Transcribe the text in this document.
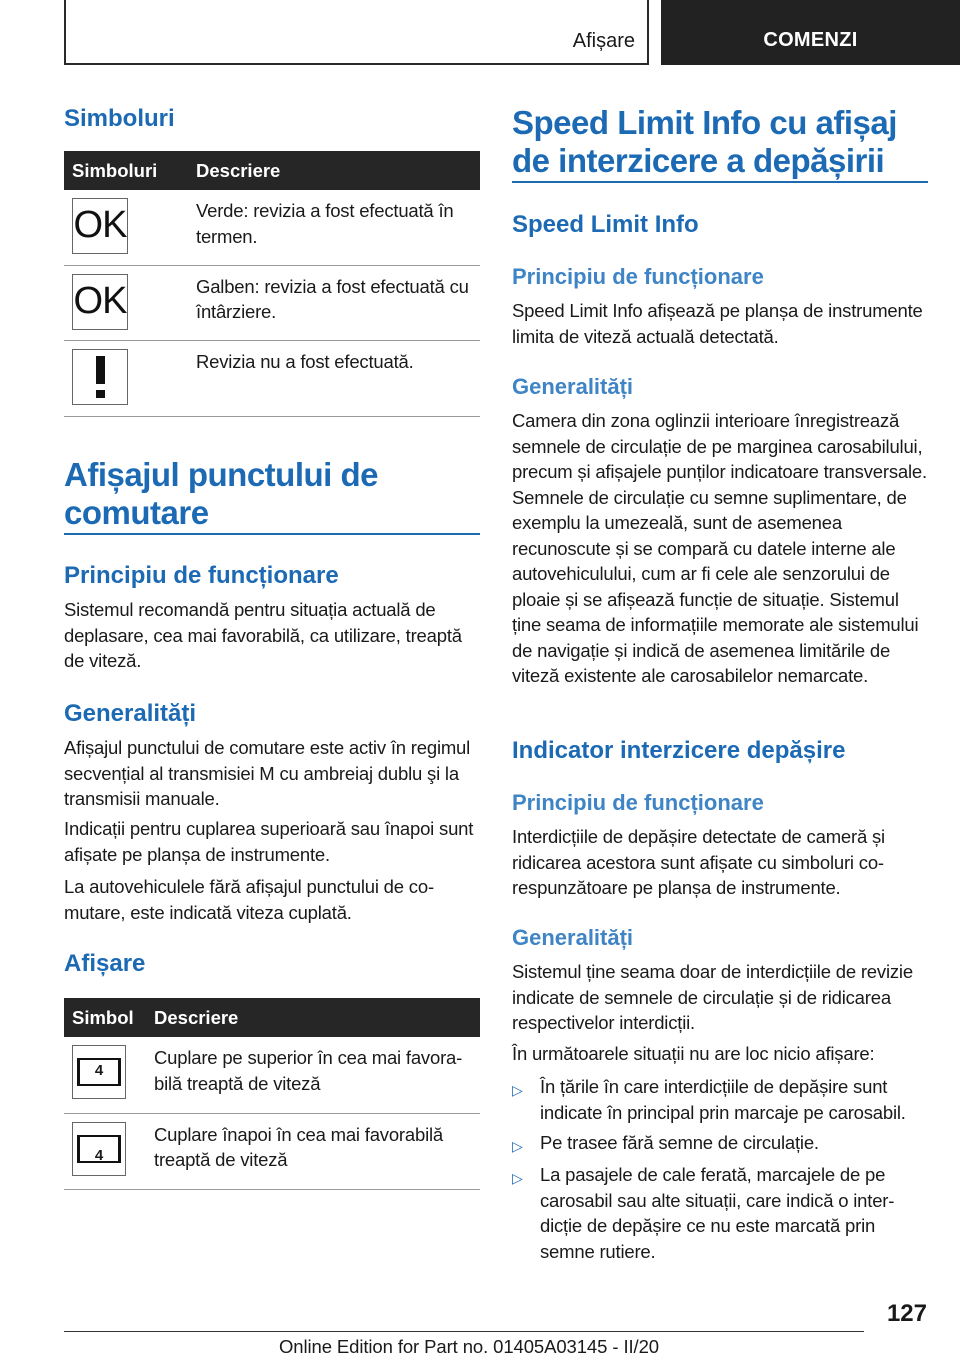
Afișare	COMENZI
Simboluri
Simboluri	Descriere

OK	Verde: revizia a fost efectuată în termen.

OK	Galben: revizia a fost efectuată cu întârziere.

	Revizia nu a fost efectuată.
Afișajul punctului de comutare
Principiu de funcționare
Sistemul recomandă pentru situația actuală de deplasare, cea mai favorabilă, ca utilizare, treaptă de viteză.
Generalități
Afișajul punctului de comutare este activ în regimul secvențial al transmisiei M cu ambreiaj dublu şi la transmisii manuale.
Indicații pentru cuplarea superioară sau înapoi sunt afișate pe planșa de instrumente.
La autovehiculele fără afișajul punctului de comutare, este indicată viteza cuplată.
Afișare
Simbol	Descriere

4	Cuplare pe superior în cea mai favorabilă treaptă de viteză

4	Cuplare înapoi în cea mai favorabilă treaptă de viteză
Speed Limit Info cu afișaj de interzicere a depășirii
Speed Limit Info
Principiu de funcționare
Speed Limit Info afișează pe planșa de instrumente limita de viteză actuală detectată.
Generalități
Camera din zona oglinzii interioare înregistrează semnele de circulație de pe marginea carosabilului, precum și afișajele punților indicatoare transversale. Semnele de circulație cu semne suplimentare, de exemplu la umezeală, sunt de asemenea recunoscute și se compară cu datele interne ale autovehiculului, cum ar fi cele ale senzorului de ploaie și se afișează funcție de situație. Sistemul ține seama de informațiile memorate ale sistemului de navigație și indică de asemenea limitările de viteză existente ale carosabilelor nemarcate.
Indicator interzicere depășire
Principiu de funcționare
Interdicțiile de depășire detectate de cameră și ridicarea acestora sunt afișate cu simboluri corespunzătoare pe planșa de instrumente.
Generalități
Sistemul ține seama doar de interdicțiile de revizie indicate de semnele de circulație și de ridicarea respectivelor interdicții.
În următoarele situații nu are loc nicio afișare:
▷ În țările în care interdicțiile de depășire sunt indicate în principal prin marcaje pe carosabil.
▷ Pe trasee fără semne de circulație.
▷ La pasajele de cale ferată, marcajele de pe carosabil sau alte situații, care indică o interdicție de depășire ce nu este marcată prin semne rutiere.
127
Online Edition for Part no. 01405A03145 - II/20
